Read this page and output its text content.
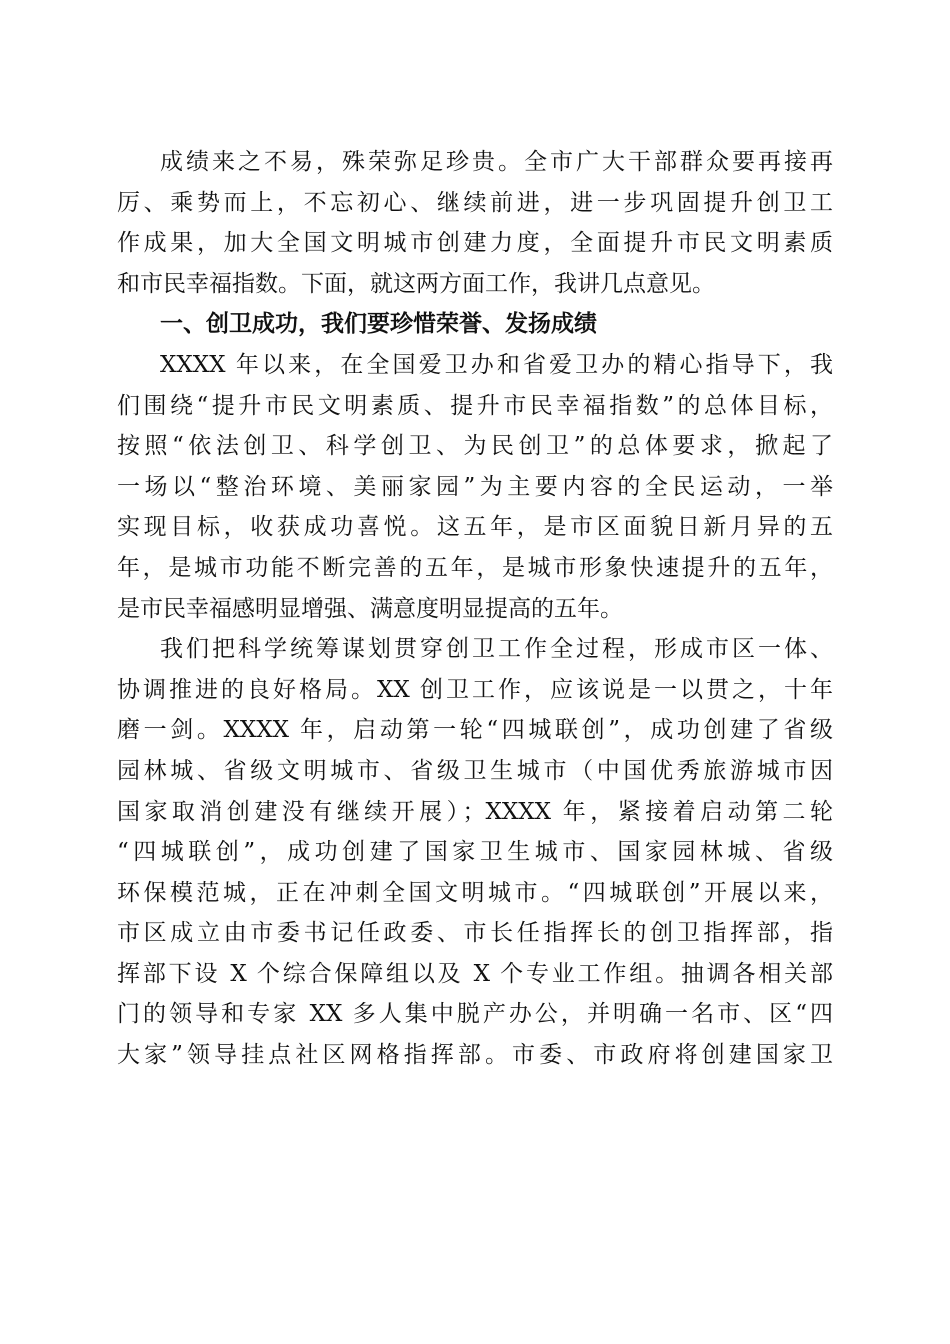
成绩来之不易，殊荣弥足珍贵。全市广大干部群众要再接再
厉、乘势而上，不忘初心、继续前进，进一步巩固提升创卫工
作成果，加大全国文明城市创建力度，全面提升市民文明素质
和市民幸福指数。下面，就这两方面工作，我讲几点意见。
一、创卫成功，我们要珍惜荣誉、发扬成绩
XXXX 年以来，在全国爱卫办和省爱卫办的精心指导下，我
们围绕“提升市民文明素质、提升市民幸福指数”的总体目标，
按照“依法创卫、科学创卫、为民创卫”的总体要求，掀起了
一场以“整治环境、美丽家园”为主要内容的全民运动，一举
实现目标，收获成功喜悦。这五年，是市区面貌日新月异的五
年，是城市功能不断完善的五年，是城市形象快速提升的五年，
是市民幸福感明显增强、满意度明显提高的五年。
我们把科学统筹谋划贯穿创卫工作全过程，形成市区一体、
协调推进的良好格局。XX 创卫工作，应该说是一以贯之，十年
磨一剑。XXXX 年，启动第一轮“四城联创”，成功创建了省级
园林城、省级文明城市、省级卫生城市（中国优秀旅游城市因
国家取消创建没有继续开展）；XXXX 年，紧接着启动第二轮
“四城联创”，成功创建了国家卫生城市、国家园林城、省级
环保模范城，正在冲刺全国文明城市。“四城联创”开展以来，
市区成立由市委书记任政委、市长任指挥长的创卫指挥部，指
挥部下设 X 个综合保障组以及 X 个专业工作组。抽调各相关部
门的领导和专家 XX 多人集中脱产办公，并明确一名市、区“四
大家”领导挂点社区网格指挥部。市委、市政府将创建国家卫
